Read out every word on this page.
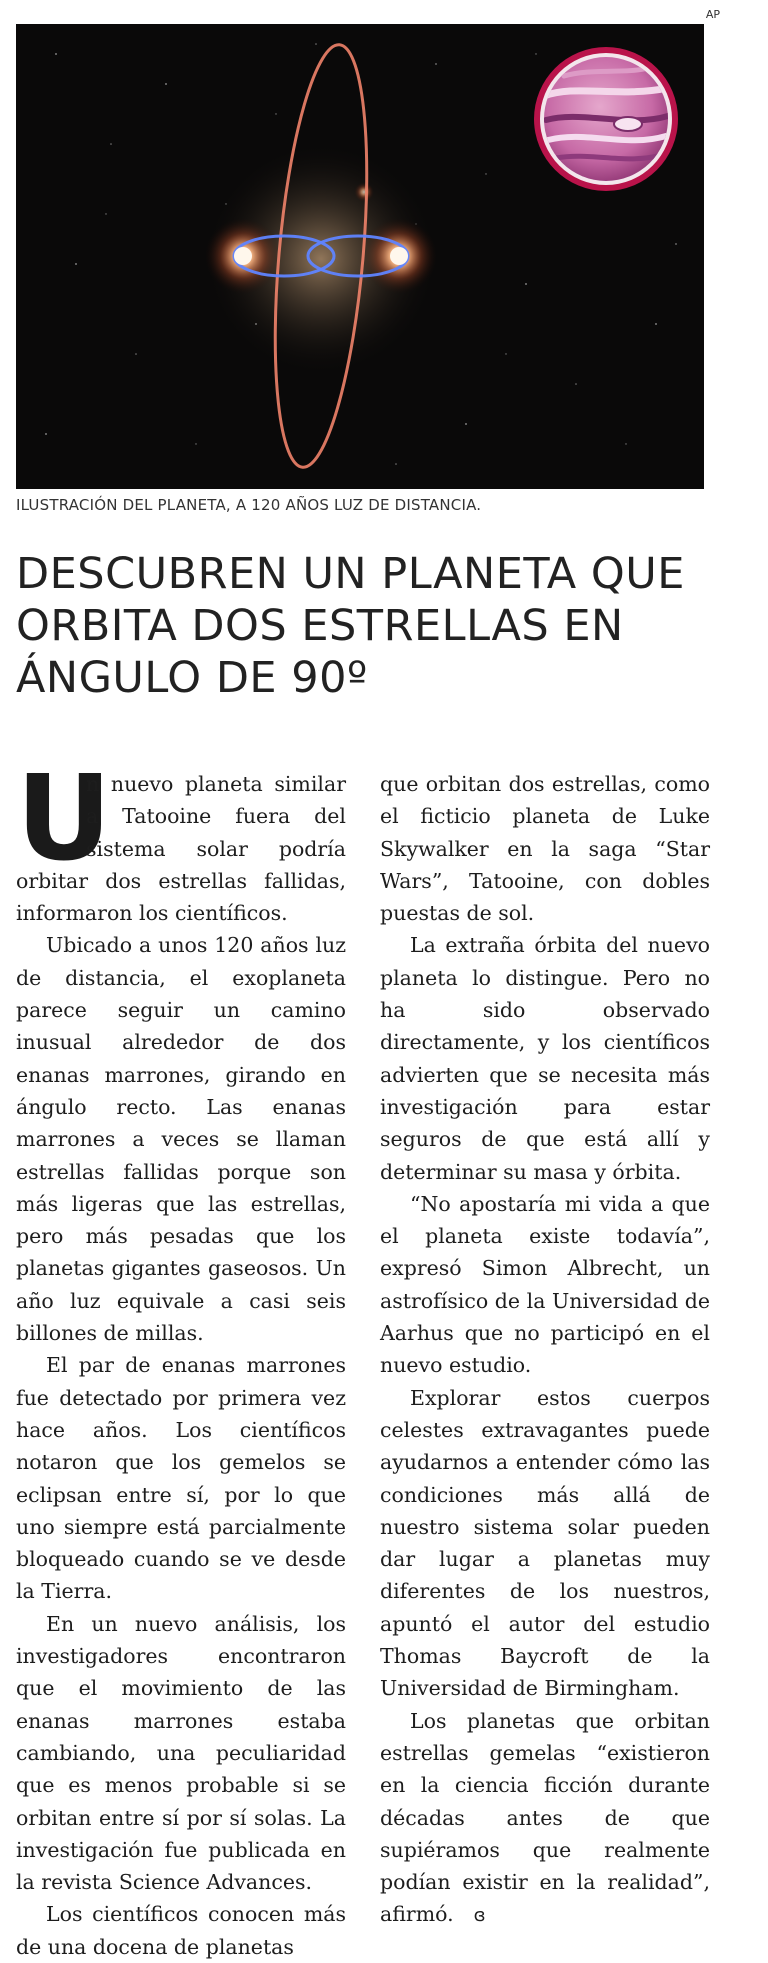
AP
ILUSTRACIÓN DEL PLANETA, A 120 AÑOS LUZ DE DISTANCIA.
DESCUBREN UN PLANETA QUE ORBITA DOS ESTRELLAS EN ÁNGULO DE 90º

U
n nuevo planeta similar a Tatooine fuera del sistema solar podría orbitar dos estrellas fallidas, informaron los científicos.

Ubicado a unos 120 años luz de distancia, el exoplaneta parece seguir un camino inusual alrededor de dos enanas marrones, girando en ángulo recto. Las enanas marrones a veces se llaman estrellas fallidas porque son más ligeras que las estrellas, pero más pesadas que los planetas gigantes gaseosos. Un año luz equivale a casi seis billones de millas.

El par de enanas marrones fue detectado por primera vez hace años. Los científicos notaron que los gemelos se eclipsan entre sí, por lo que uno siempre está parcialmente bloqueado cuando se ve desde la Tierra.

En un nuevo análisis, los investigadores encontraron que el movimiento de las enanas marrones estaba cambiando, una peculiaridad que es menos probable si se orbitan entre sí por sí solas. La investigación fue publicada en la revista Science Advances.

Los científicos conocen más de una docena de planetas

que orbitan dos estrellas, como el ficticio planeta de Luke Skywalker en la saga “Star Wars”, Tatooine, con dobles puestas de sol.

La extraña órbita del nuevo planeta lo distingue. Pero no ha sido observado directamente, y los científicos advierten que se necesita más investigación para estar seguros de que está allí y determinar su masa y órbita.

“No apostaría mi vida a que el planeta existe todavía”, expresó Simon Albrecht, un astrofísico de la Universidad de Aarhus que no participó en el nuevo estudio.

Explorar estos cuerpos celestes extravagantes puede ayudarnos a entender cómo las condiciones más allá de nuestro sistema solar pueden dar lugar a planetas muy diferentes de los nuestros, apuntó el autor del estudio Thomas Baycroft de la Universidad de Birmingham.

Los planetas que orbitan estrellas gemelas “existieron en la ciencia ficción durante décadas antes de que supiéramos que realmente podían existir en la realidad”, afirmó. ɞ
